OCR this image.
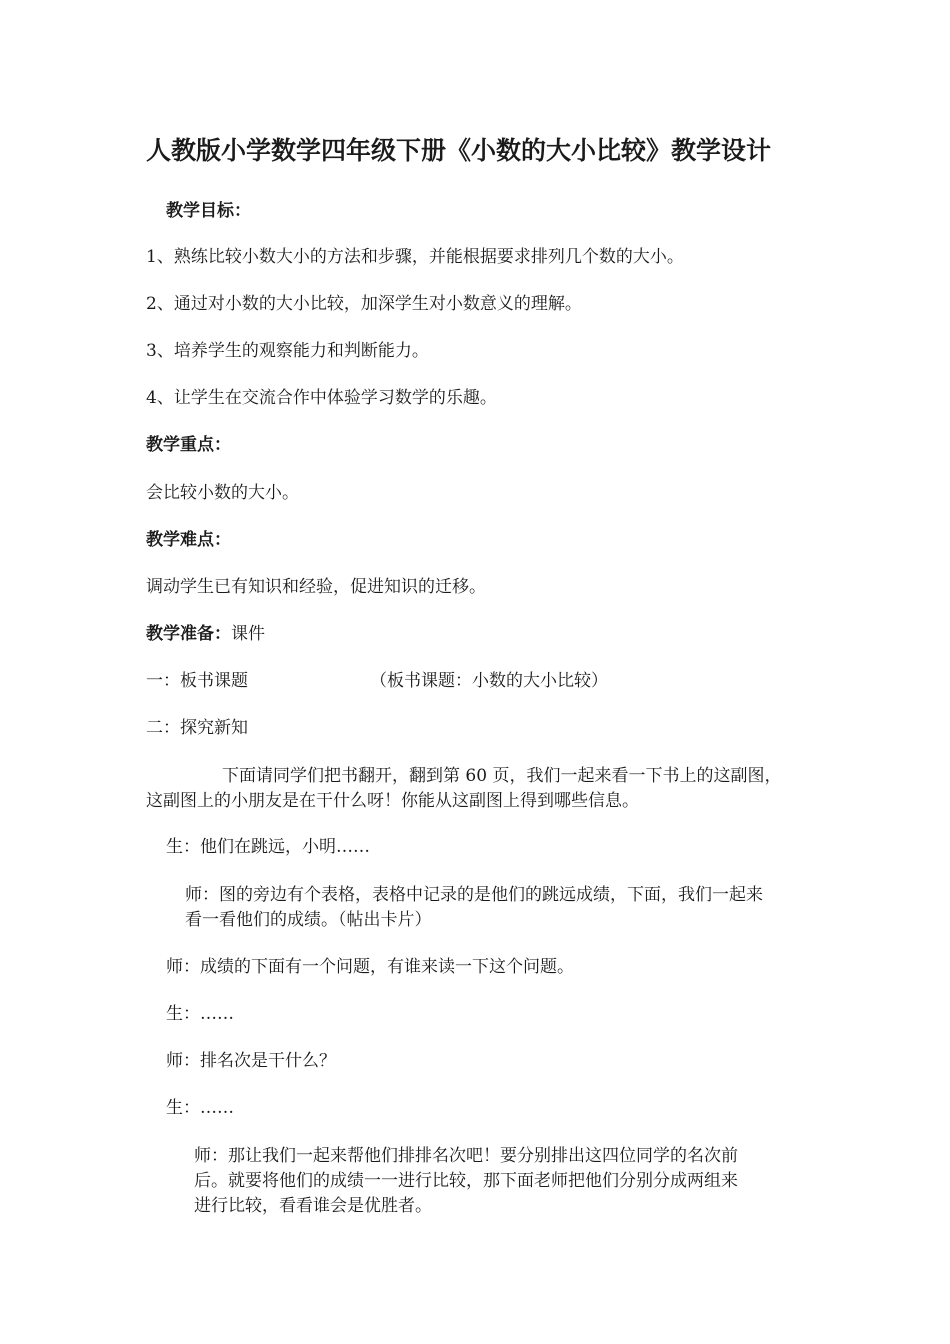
人教版小学数学四年级下册《小数的大小比较》教学设计
教学目标：
1、熟练比较小数大小的方法和步骤，并能根据要求排列几个数的大小。
2、通过对小数的大小比较，加深学生对小数意义的理解。
3、培养学生的观察能力和判断能力。
4、让学生在交流合作中体验学习数学的乐趣。
教学重点：
会比较小数的大小。
教学难点：
调动学生已有知识和经验，促进知识的迁移。
教学准备：课件
一：板书课题	（板书课题：小数的大小比较）
二：探究新知
下面请同学们把书翻开，翻到第 60 页，我们一起来看一下书上的这副图，
这副图上的小朋友是在干什么呀！你能从这副图上得到哪些信息。
生：他们在跳远，小明……
师：图的旁边有个表格，表格中记录的是他们的跳远成绩，下面，我们一起来
看一看他们的成绩。（帖出卡片）
师：成绩的下面有一个问题，有谁来读一下这个问题。
生：……
师：排名次是干什么？
生：……
师：那让我们一起来帮他们排排名次吧！要分别排出这四位同学的名次前
后。就要将他们的成绩一一进行比较，那下面老师把他们分别分成两组来
进行比较，看看谁会是优胜者。
